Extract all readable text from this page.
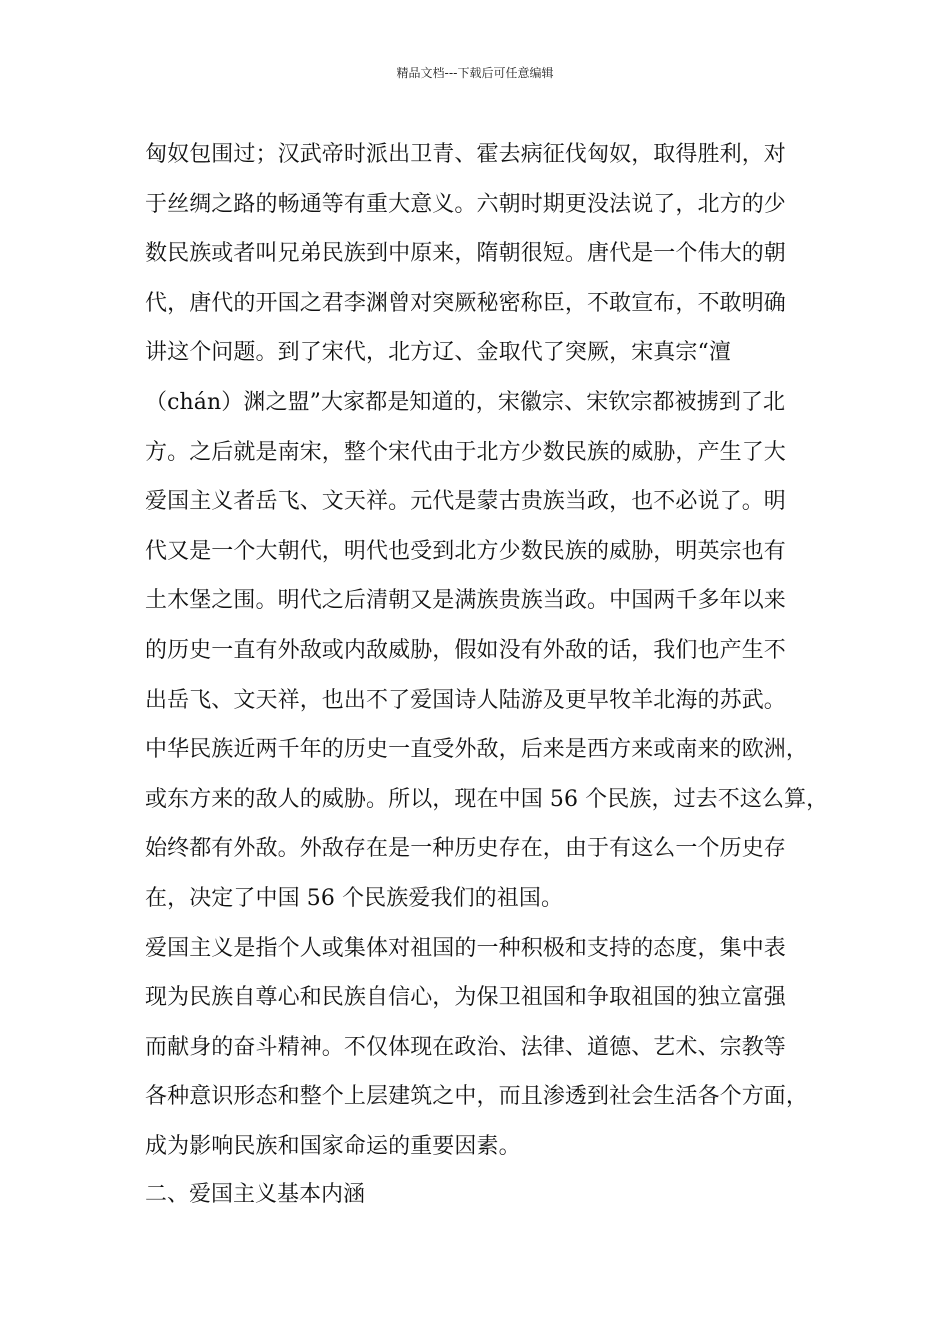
精品文档---下载后可任意编辑
匈奴包围过；汉武帝时派出卫青、霍去病征伐匈奴，取得胜利，对
于丝绸之路的畅通等有重大意义。六朝时期更没法说了，北方的少
数民族或者叫兄弟民族到中原来，隋朝很短。唐代是一个伟大的朝
代，唐代的开国之君李渊曾对突厥秘密称臣，不敢宣布，不敢明确
讲这个问题。到了宋代，北方辽、金取代了突厥，宋真宗“澶
（chán）渊之盟”大家都是知道的，宋徽宗、宋钦宗都被掳到了北
方。之后就是南宋，整个宋代由于北方少数民族的威胁，产生了大
爱国主义者岳飞、文天祥。元代是蒙古贵族当政，也不必说了。明
代又是一个大朝代，明代也受到北方少数民族的威胁，明英宗也有
土木堡之围。明代之后清朝又是满族贵族当政。中国两千多年以来
的历史一直有外敌或内敌威胁，假如没有外敌的话，我们也产生不
出岳飞、文天祥，也出不了爱国诗人陆游及更早牧羊北海的苏武。
中华民族近两千年的历史一直受外敌，后来是西方来或南来的欧洲，
或东方来的敌人的威胁。所以，现在中国 56 个民族，过去不这么算，
始终都有外敌。外敌存在是一种历史存在，由于有这么一个历史存
在，决定了中国 56 个民族爱我们的祖国。
爱国主义是指个人或集体对祖国的一种积极和支持的态度，集中表
现为民族自尊心和民族自信心，为保卫祖国和争取祖国的独立富强
而献身的奋斗精神。不仅体现在政治、法律、道德、艺术、宗教等
各种意识形态和整个上层建筑之中，而且渗透到社会生活各个方面，
成为影响民族和国家命运的重要因素。
二、爱国主义基本内涵
